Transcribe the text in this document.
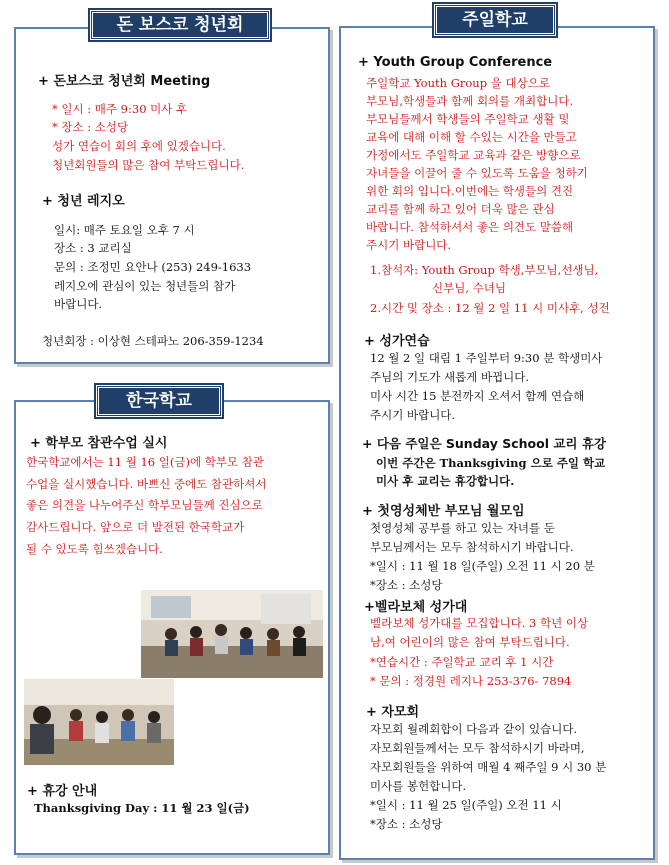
돈 보스코 청년회
+ 돈보스코 청년회 Meeting
* 일시 : 매주 9:30 미사 후
* 장소 : 소성당
성가 연습이 회의 후에 있겠습니다.
청년회원들의 많은 참여 부탁드립니다.
+ 청년 레지오
일시: 매주 토요일 오후 7 시
장소 : 3 교리실
문의 : 조정민 요안나 (253) 249-1633
레지오에 관심이 있는 청년들의 참가
바랍니다.
청년회장 : 이상현 스테파노 206-359-1234
한국학교
+ 학부모 참관수업 실시
한국학교에서는 11 월 16 일(금)에 학부모 참관
수업을 실시했습니다. 바쁘신 중에도 참관하셔서
좋은 의견을 나누어주신 학부모님들께 진심으로
감사드립니다. 앞으로 더 발전된 한국학교가
될 수 있도록 힘쓰겠습니다.
+ 휴강 안내
Thanksgiving Day : 11 월 23 일(금)
주일학교
+ Youth Group Conference
주일학교 Youth Group 을 대상으로
부모님,학생들과 함께 회의를 개최합니다.
부모님들께서 학생들의 주일학교 생활 및
교육에 대해 이해 할 수있는 시간을 만들고
가정에서도 주일학교 교육과 같은 방향으로
자녀들을 이끌어 줄 수 있도록 도움을 청하기
위한 회의 입니다.이번에는 학생들의 견진
교리를 함께 하고 있어 더욱 많은 관심
바랍니다. 참석하셔서 좋은 의견도 말씀해
주시기 바랍니다.
1.참석자: Youth Group 학생,부모님,선생님,
신부님, 수녀님
2.시간 및 장소 : 12 월 2 일 11 시 미사후, 성전
+ 성가연습
12 월 2 일 대림 1 주일부터 9:30 분 학생미사
주님의 기도가 새롭게 바뀝니다.
미사 시간 15 분전까지 오셔서 함께 연습해
주시기 바랍니다.
+ 다음 주일은 Sunday School 교리 휴강
이번 주간은 Thanksgiving 으로 주일 학교
미사 후 교리는 휴강합니다.
+ 첫영성체반 부모님 월모임
첫영성체 공부를 하고 있는 자녀를 둔
부모님께서는 모두 참석하시기 바랍니다.
*일시 : 11 월 18 일(주일) 오전 11 시 20 분
*장소 : 소성당
+벨라보체 성가대
벨라보체 성가대를 모집합니다. 3 학년 이상
남,여 어린이의 많은 참여 부탁드립니다.
*연습시간 : 주일학교 교리 후 1 시간
* 문의 : 정경원 레지나 253-376- 7894
+ 자모회
자모회 월례회합이 다음과 같이 있습니다.
자모회원들께서는 모두 참석하시기 바라며,
자모회원들을 위하여 매월 4 째주일 9 시 30 분
미사를 봉헌합니다.
*일시 : 11 월 25 일(주일) 오전 11 시
*장소 : 소성당
